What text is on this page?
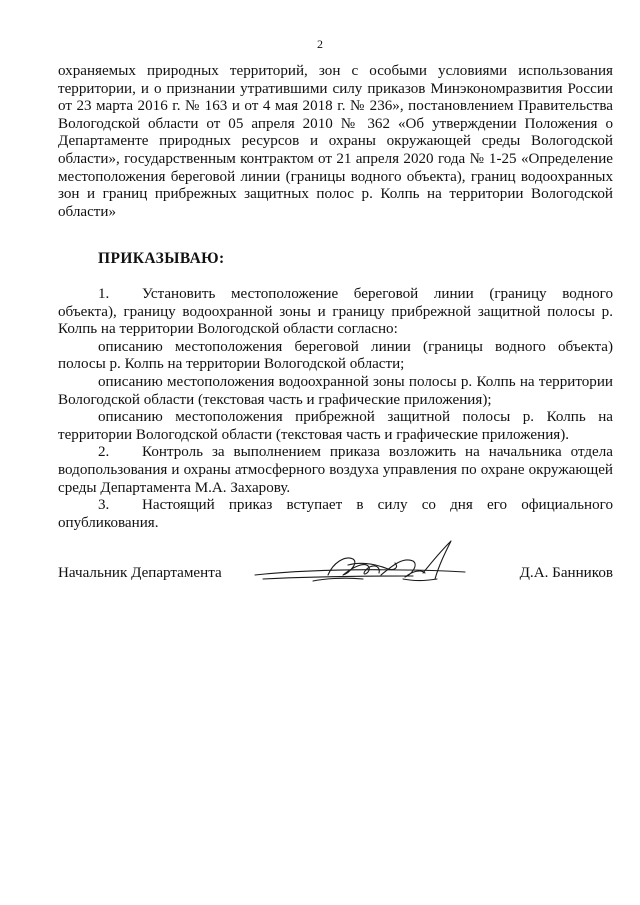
2

охраняемых природных территорий, зон с особыми условиями использования территории, и о признании утратившими силу приказов Минэкономразвития России от 23 марта 2016 г. № 163 и от 4 мая 2018 г. № 236», постановлением Правительства Вологодской области от 05 апреля 2010 № 362 «Об утверждении Положения о Департаменте природных ресурсов и охраны окружающей среды Вологодской области», государственным контрактом от 21 апреля 2020 года № 1-25 «Определение местоположения береговой линии (границы водного объекта), границ водоохранных зон и границ прибрежных защитных полос р. Колпь на территории Вологодской области»

ПРИКАЗЫВАЮ:

1. Установить местоположение береговой линии (границу водного объекта), границу водоохранной зоны и границу прибрежной защитной полосы р. Колпь на территории Вологодской области согласно:

описанию местоположения береговой линии (границы водного объекта) полосы р. Колпь на территории Вологодской области;

описанию местоположения водоохранной зоны полосы р. Колпь на территории Вологодской области (текстовая часть и графические приложения);

описанию местоположения прибрежной защитной полосы р. Колпь на территории Вологодской области (текстовая часть и графические приложения).

2. Контроль за выполнением приказа возложить на начальника отдела водопользования и охраны атмосферного воздуха управления по охране окружающей среды Департамента М.А. Захарову.

3. Настоящий приказ вступает в силу со дня его официального опубликования.

Начальник Департамента	Д.А. Банников
